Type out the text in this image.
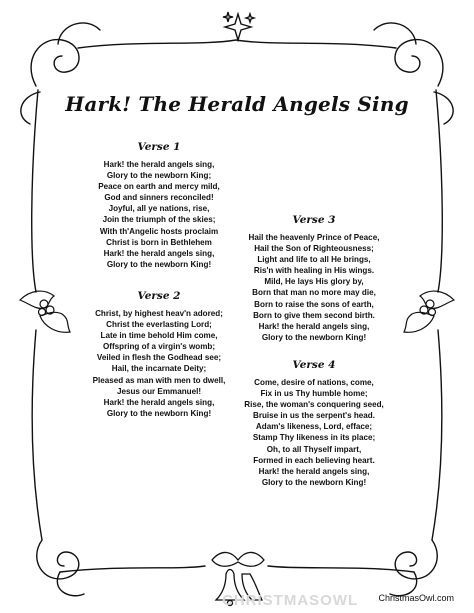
Hark! The Herald Angels Sing
Verse 1
Hark! the herald angels sing,
Glory to the newborn King;
Peace on earth and mercy mild,
God and sinners reconciled!
Joyful, all ye nations, rise,
Join the triumph of the skies;
With th'Angelic hosts proclaim
Christ is born in Bethlehem
Hark! the herald angels sing,
Glory to the newborn King!
Verse 2
Christ, by highest heav'n adored;
Christ the everlasting Lord;
Late in time behold Him come,
Offspring of a virgin's womb;
Veiled in flesh the Godhead see;
Hail, the incarnate Deity;
Pleased as man with men to dwell,
Jesus our Emmanuel!
Hark! the herald angels sing,
Glory to the newborn King!
Verse 3
Hail the heavenly Prince of Peace,
Hail the Son of Righteousness;
Light and life to all He brings,
Ris'n with healing in His wings.
Mild, He lays His glory by,
Born that man no more may die,
Born to raise the sons of earth,
Born to give them second birth.
Hark! the herald angels sing,
Glory to the newborn King!
Verse 4
Come, desire of nations, come,
Fix in us Thy humble home;
Rise, the woman's conquering seed,
Bruise in us the serpent's head.
Adam's likeness, Lord, efface;
Stamp Thy likeness in its place;
Oh, to all Thyself impart,
Formed in each believing heart.
Hark! the herald angels sing,
Glory to the newborn King!
CHRISTMASOWL ChristmasOwl.com
